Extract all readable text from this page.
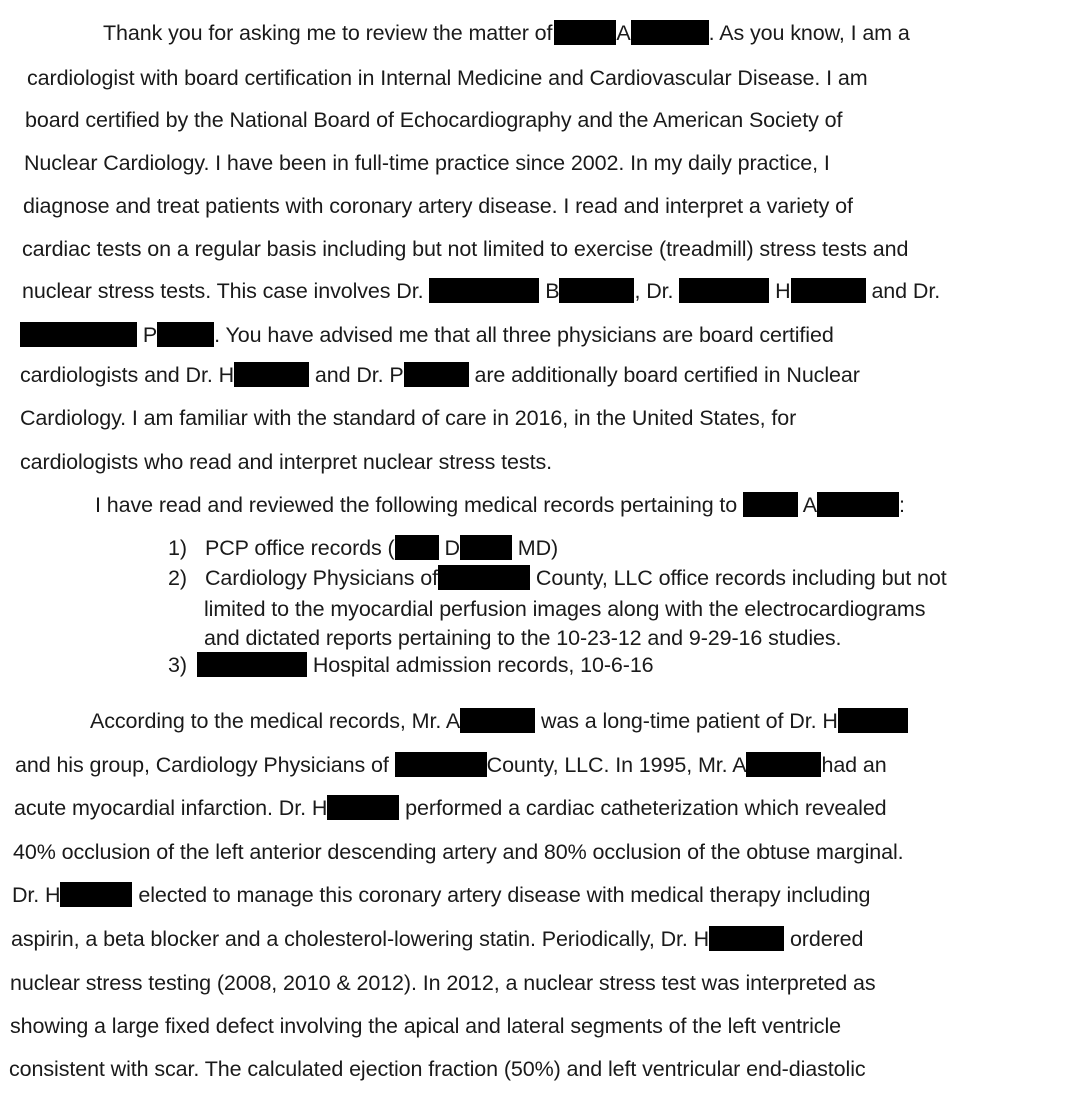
Thank you for asking me to review the matter of	A	. As you know, I am a
cardiologist with board certification in Internal Medicine and Cardiovascular Disease. I am
board certified by the National Board of Echocardiography and the American Society of
Nuclear Cardiology. I have been in full-time practice since 2002. In my daily practice, I
diagnose and treat patients with coronary artery disease. I read and interpret a variety of
cardiac tests on a regular basis including but not limited to exercise (treadmill) stress tests and
nuclear stress tests. This case involves Dr.	B	, Dr.	H	and Dr.
P	. You have advised me that all three physicians are board certified
cardiologists and Dr. H	and Dr. P	are additionally board certified in Nuclear
Cardiology. I am familiar with the standard of care in 2016, in the United States, for
cardiologists who read and interpret nuclear stress tests.
I have read and reviewed the following medical records pertaining to	A	:
1) PCP office records ( D	MD)
2) Cardiology Physicians of	County, LLC office records including but not
limited to the myocardial perfusion images along with the electrocardiograms
and dictated reports pertaining to the 10-23-12 and 9-29-16 studies.
3)	Hospital admission records, 10-6-16
According to the medical records, Mr. A	was a long-time patient of Dr. H
and his group, Cardiology Physicians of	County, LLC. In 1995, Mr. A	had an
acute myocardial infarction. Dr. H	performed a cardiac catheterization which revealed
40% occlusion of the left anterior descending artery and 80% occlusion of the obtuse marginal.
Dr. H	elected to manage this coronary artery disease with medical therapy including
aspirin, a beta blocker and a cholesterol-lowering statin. Periodically, Dr. H	ordered
nuclear stress testing (2008, 2010 & 2012). In 2012, a nuclear stress test was interpreted as
showing a large fixed defect involving the apical and lateral segments of the left ventricle
consistent with scar. The calculated ejection fraction (50%) and left ventricular end-diastolic
